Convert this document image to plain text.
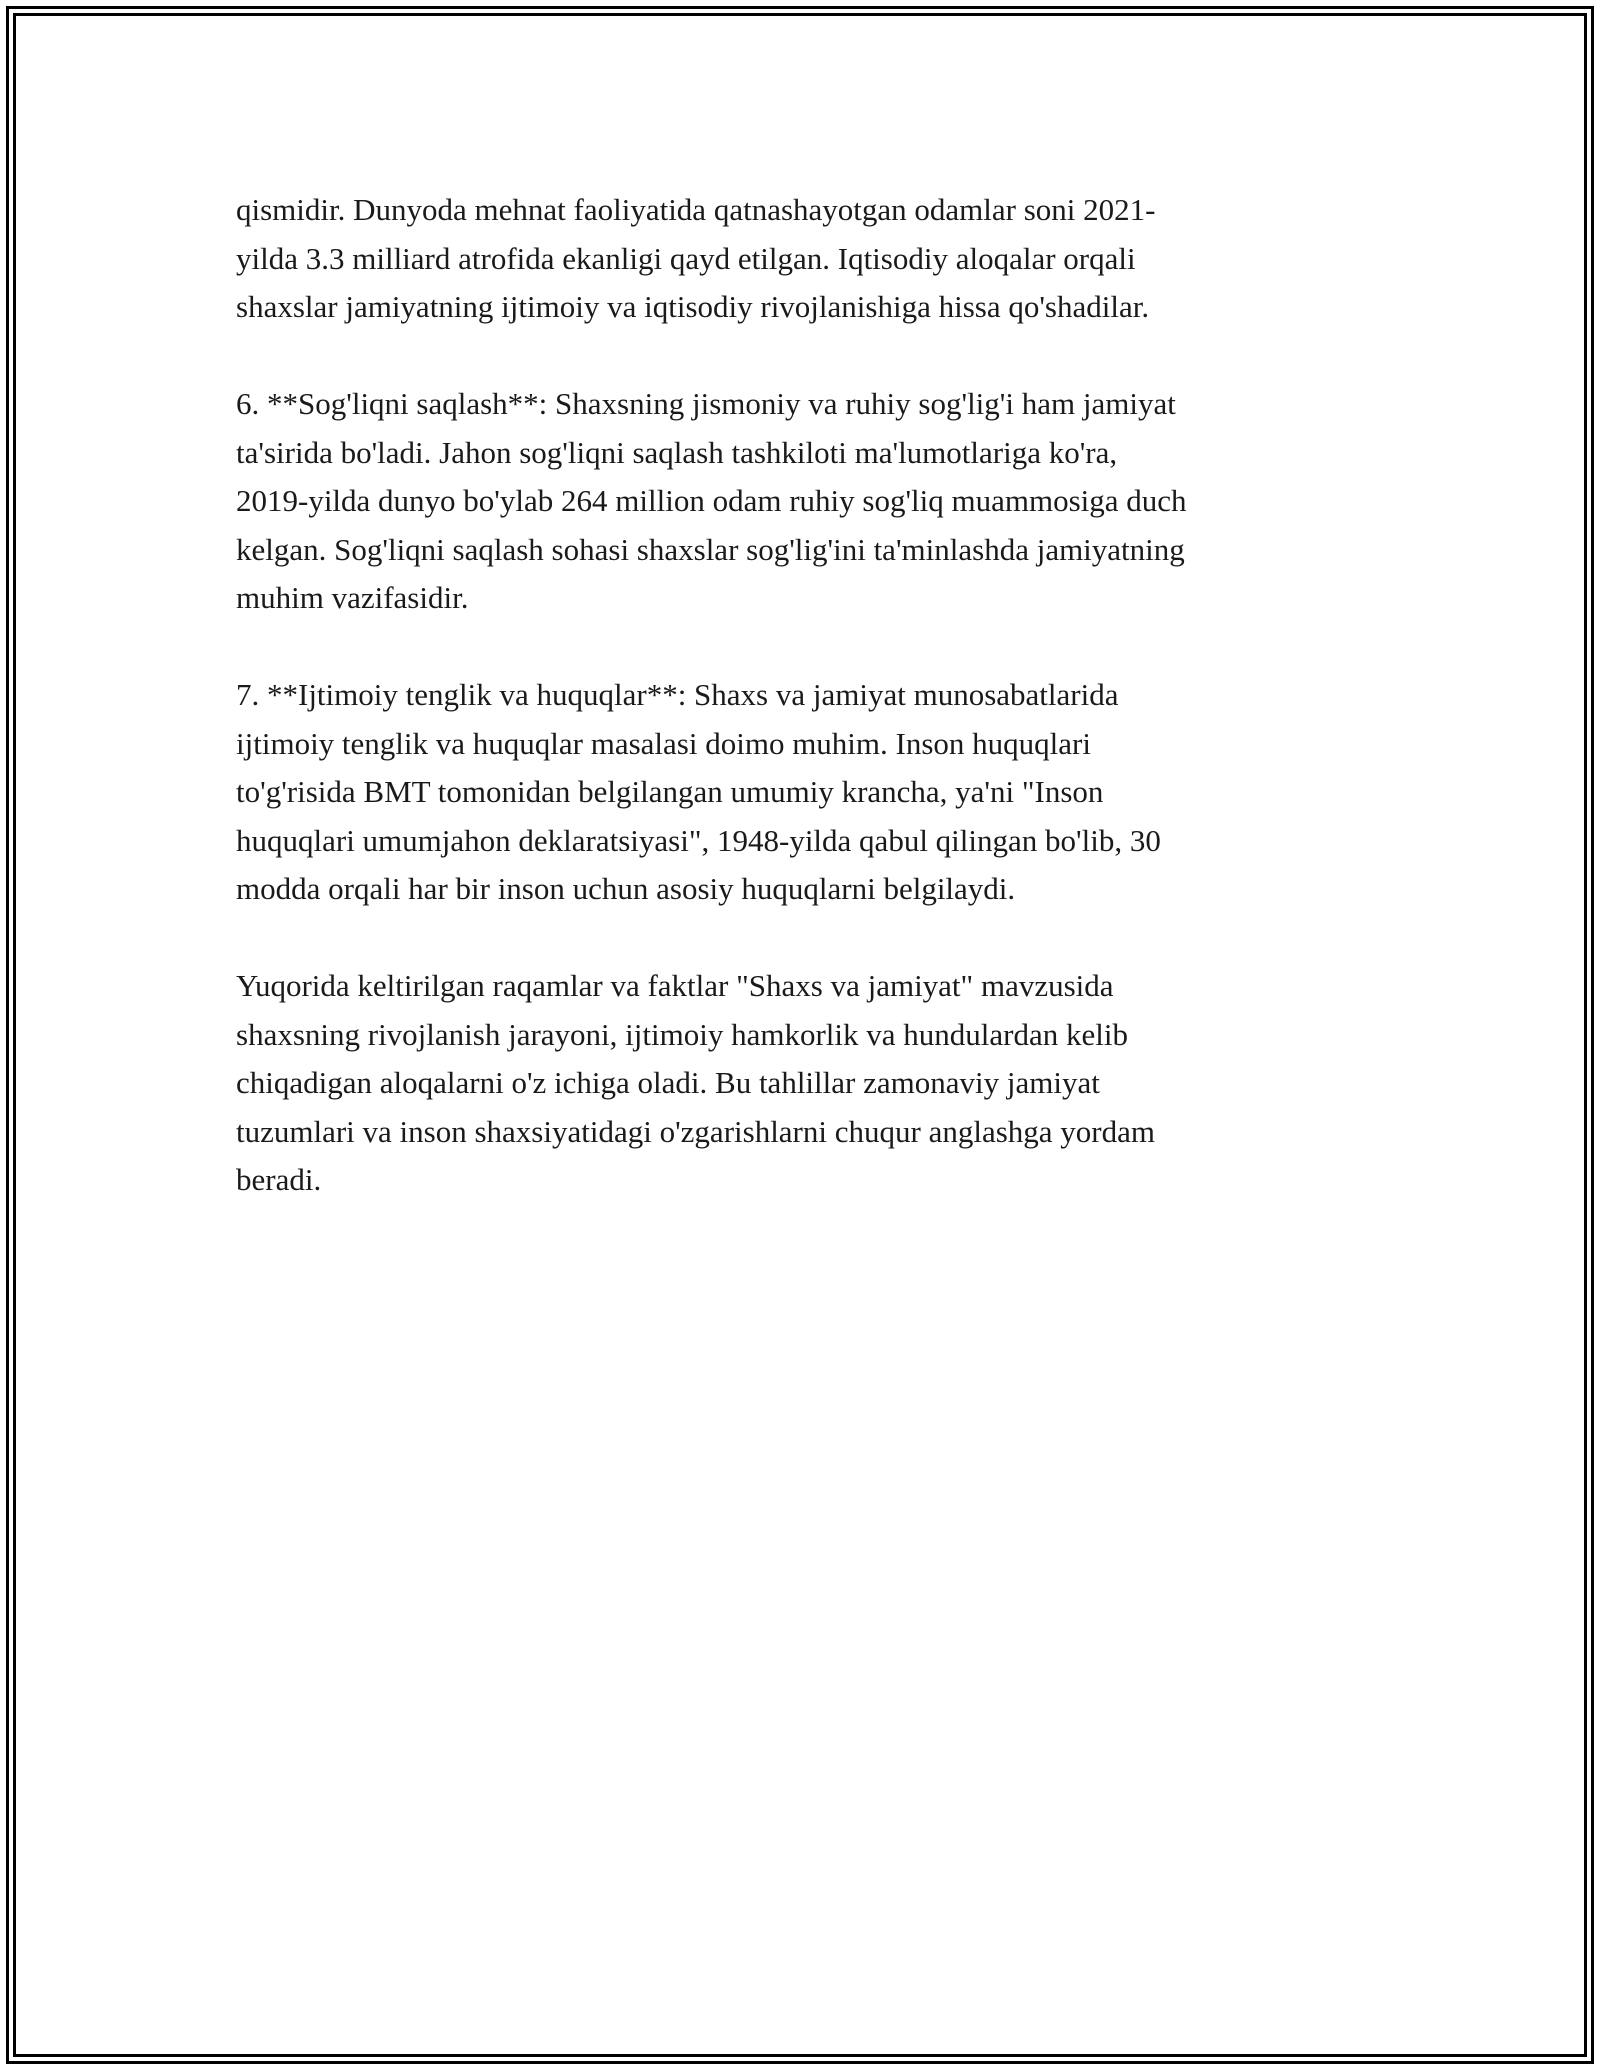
qismidir. Dunyoda mehnat faoliyatida qatnashayotgan odamlar soni 2021-
yilda 3.3 milliard atrofida ekanligi qayd etilgan. Iqtisodiy aloqalar orqali
shaxslar jamiyatning ijtimoiy va iqtisodiy rivojlanishiga hissa qo'shadilar.

6. **Sog'liqni saqlash**: Shaxsning jismoniy va ruhiy sog'lig'i ham jamiyat
ta'sirida bo'ladi. Jahon sog'liqni saqlash tashkiloti ma'lumotlariga ko'ra,
2019-yilda dunyo bo'ylab 264 million odam ruhiy sog'liq muammosiga duch
kelgan. Sog'liqni saqlash sohasi shaxslar sog'lig'ini ta'minlashda jamiyatning
muhim vazifasidir.

7. **Ijtimoiy tenglik va huquqlar**: Shaxs va jamiyat munosabatlarida
ijtimoiy tenglik va huquqlar masalasi doimo muhim. Inson huquqlari
to'g'risida BMT tomonidan belgilangan umumiy krancha, ya'ni "Inson
huquqlari umumjahon deklaratsiyasi", 1948-yilda qabul qilingan bo'lib, 30
modda orqali har bir inson uchun asosiy huquqlarni belgilaydi.

Yuqorida keltirilgan raqamlar va faktlar "Shaxs va jamiyat" mavzusida
shaxsning rivojlanish jarayoni, ijtimoiy hamkorlik va hundulardan kelib
chiqadigan aloqalarni o'z ichiga oladi. Bu tahlillar zamonaviy jamiyat
tuzumlari va inson shaxsiyatidagi o'zgarishlarni chuqur anglashga yordam
beradi.
